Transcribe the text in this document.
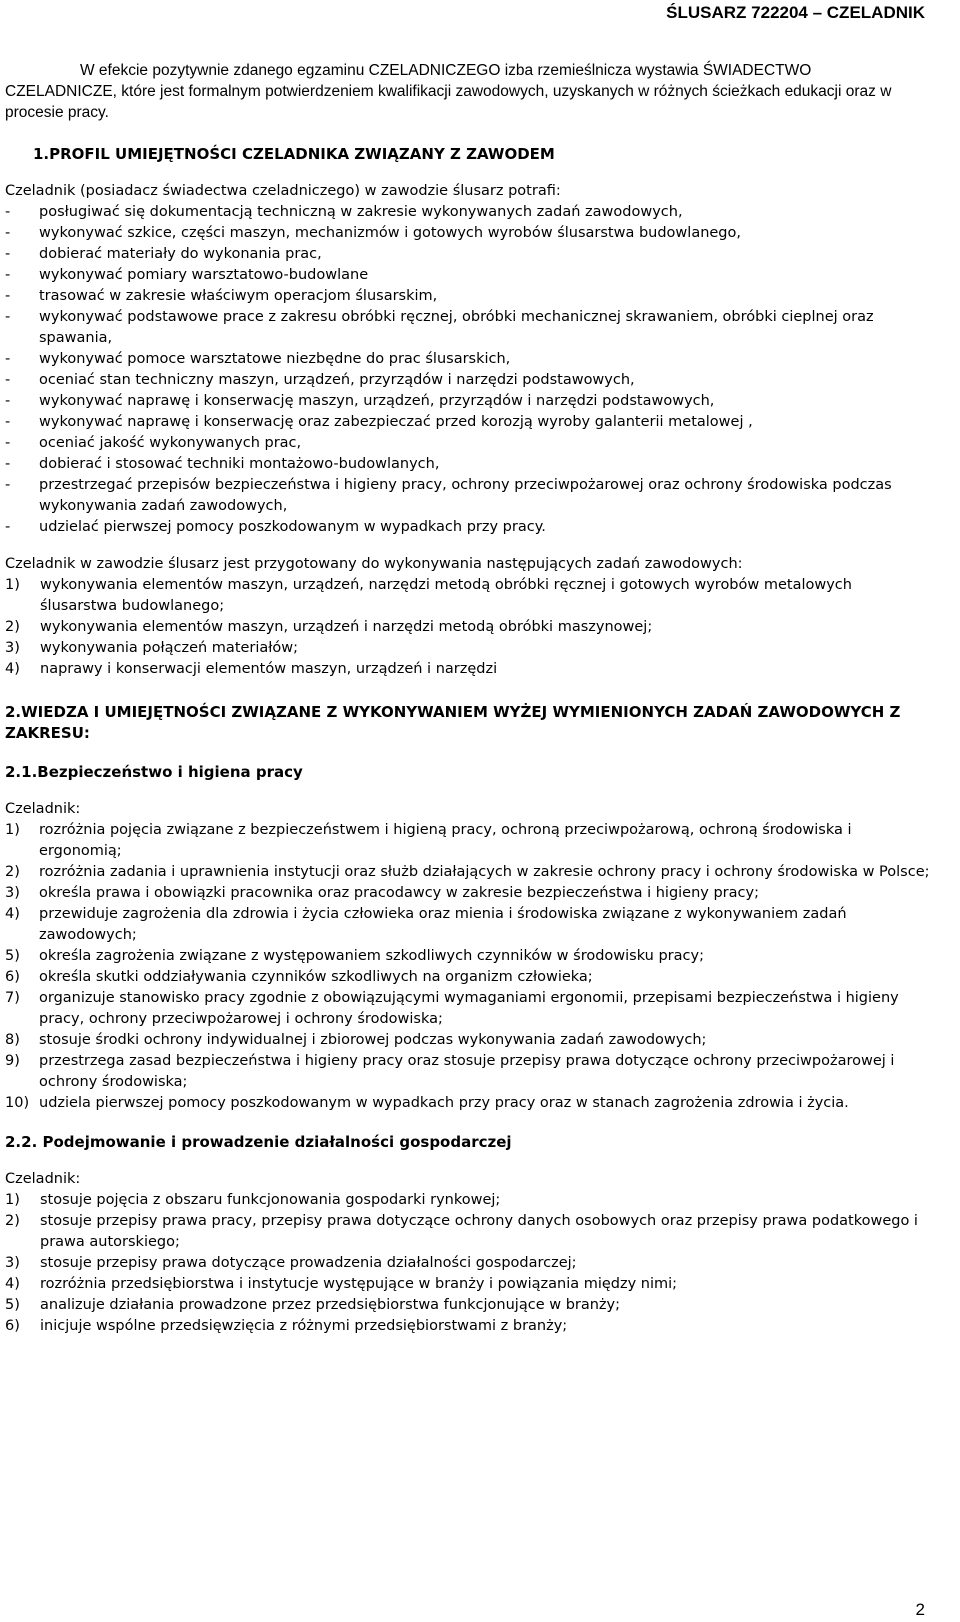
ŚLUSARZ 722204 – CZELADNIK

W efekcie pozytywnie zdanego egzaminu CZELADNICZEGO izba rzemieślnicza wystawia ŚWIADECTWO
CZELADNICZE, które jest formalnym potwierdzeniem kwalifikacji zawodowych, uzyskanych w różnych ścieżkach edukacji oraz w procesie pracy.

1.PROFIL UMIEJĘTNOŚCI CZELADNIKA ZWIĄZANY Z ZAWODEM

Czeladnik (posiadacz świadectwa czeladniczego) w zawodzie ślusarz potrafi:

-	posługiwać się dokumentacją techniczną w zakresie wykonywanych zadań zawodowych,
-	wykonywać szkice, części maszyn, mechanizmów i gotowych wyrobów ślusarstwa budowlanego,
-	dobierać materiały do wykonania prac,
-	wykonywać pomiary warsztatowo-budowlane
-	trasować w zakresie właściwym operacjom ślusarskim,
-	wykonywać podstawowe prace z zakresu obróbki ręcznej, obróbki mechanicznej skrawaniem, obróbki cieplnej oraz spawania,
-	wykonywać pomoce warsztatowe niezbędne do prac ślusarskich,
-	oceniać stan techniczny maszyn, urządzeń, przyrządów i narzędzi podstawowych,
-	wykonywać naprawę i konserwację maszyn, urządzeń, przyrządów i narzędzi podstawowych,
-	wykonywać naprawę i konserwację oraz zabezpieczać przed korozją wyroby galanterii metalowej ,
-	oceniać jakość wykonywanych prac,
-	dobierać i stosować techniki montażowo-budowlanych,
-	przestrzegać przepisów bezpieczeństwa i higieny pracy, ochrony przeciwpożarowej oraz ochrony środowiska podczas wykonywania zadań zawodowych,
-	udzielać pierwszej pomocy poszkodowanym w wypadkach przy pracy.

Czeladnik w zawodzie ślusarz jest przygotowany do wykonywania następujących zadań zawodowych:

1)	wykonywania elementów maszyn, urządzeń, narzędzi metodą obróbki ręcznej i gotowych wyrobów metalowych ślusarstwa budowlanego;
2)	wykonywania elementów maszyn, urządzeń i narzędzi metodą obróbki maszynowej;
3)	wykonywania połączeń materiałów;
4)	naprawy i konserwacji elementów maszyn, urządzeń i narzędzi
2.WIEDZA I UMIEJĘTNOŚCI ZWIĄZANE Z WYKONYWANIEM WYŻEJ WYMIENIONYCH ZADAŃ ZAWODOWYCH Z ZAKRESU:
2.1.Bezpieczeństwo i higiena pracy

Czeladnik:

1)	rozróżnia pojęcia związane z bezpieczeństwem i higieną pracy, ochroną przeciwpożarową, ochroną środowiska i ergonomią;
2)	rozróżnia zadania i uprawnienia instytucji oraz służb działających w zakresie ochrony pracy i ochrony środowiska w Polsce;
3)	określa prawa i obowiązki pracownika oraz pracodawcy w zakresie bezpieczeństwa i higieny pracy;
4)	przewiduje zagrożenia dla zdrowia i życia człowieka oraz mienia i środowiska związane z wykonywaniem zadań zawodowych;
5)	określa zagrożenia związane z występowaniem szkodliwych czynników w środowisku pracy;
6)	określa skutki oddziaływania czynników szkodliwych na organizm człowieka;
7)	organizuje stanowisko pracy zgodnie z obowiązującymi wymaganiami ergonomii, przepisami bezpieczeństwa i higieny pracy, ochrony przeciwpożarowej i ochrony środowiska;
8)	stosuje środki ochrony indywidualnej i zbiorowej podczas wykonywania zadań zawodowych;
9)	przestrzega zasad bezpieczeństwa i higieny pracy oraz stosuje przepisy prawa dotyczące ochrony przeciwpożarowej i ochrony środowiska;
10) udziela pierwszej pomocy poszkodowanym w wypadkach przy pracy oraz w stanach zagrożenia zdrowia i życia.
2.2. Podejmowanie i prowadzenie działalności gospodarczej

Czeladnik:

1)	stosuje pojęcia z obszaru funkcjonowania gospodarki rynkowej;
2)	stosuje przepisy prawa pracy, przepisy prawa dotyczące ochrony danych osobowych oraz przepisy prawa podatkowego i prawa autorskiego;
3)	stosuje przepisy prawa dotyczące prowadzenia działalności gospodarczej;
4)	rozróżnia przedsiębiorstwa i instytucje występujące w branży i powiązania między nimi;
5)	analizuje działania prowadzone przez przedsiębiorstwa funkcjonujące w branży;
6)	inicjuje wspólne przedsięwzięcia z różnymi przedsiębiorstwami z branży;
2
